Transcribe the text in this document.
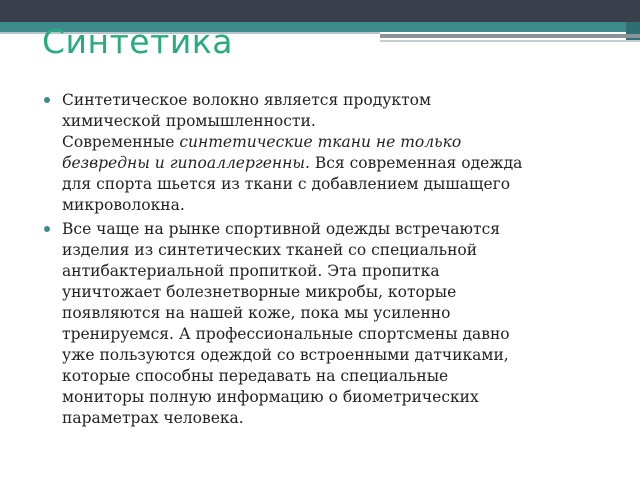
Синтетика
Синтетическое волокно является продуктом
химической промышленности.
Современные синтетические ткани не только
безвредны и гипоаллергенны. Вся современная одежда
для спорта шьется из ткани с добавлением дышащего
микроволокна.
Все чаще на рынке спортивной одежды встречаются
изделия из синтетических тканей со специальной
антибактериальной пропиткой. Эта пропитка
уничтожает болезнетворные микробы, которые
появляются на нашей коже, пока мы усиленно
тренируемся. А профессиональные спортсмены давно
уже пользуются одеждой со встроенными датчиками,
которые способны передавать на специальные
мониторы полную информацию о биометрических
параметрах человека.
